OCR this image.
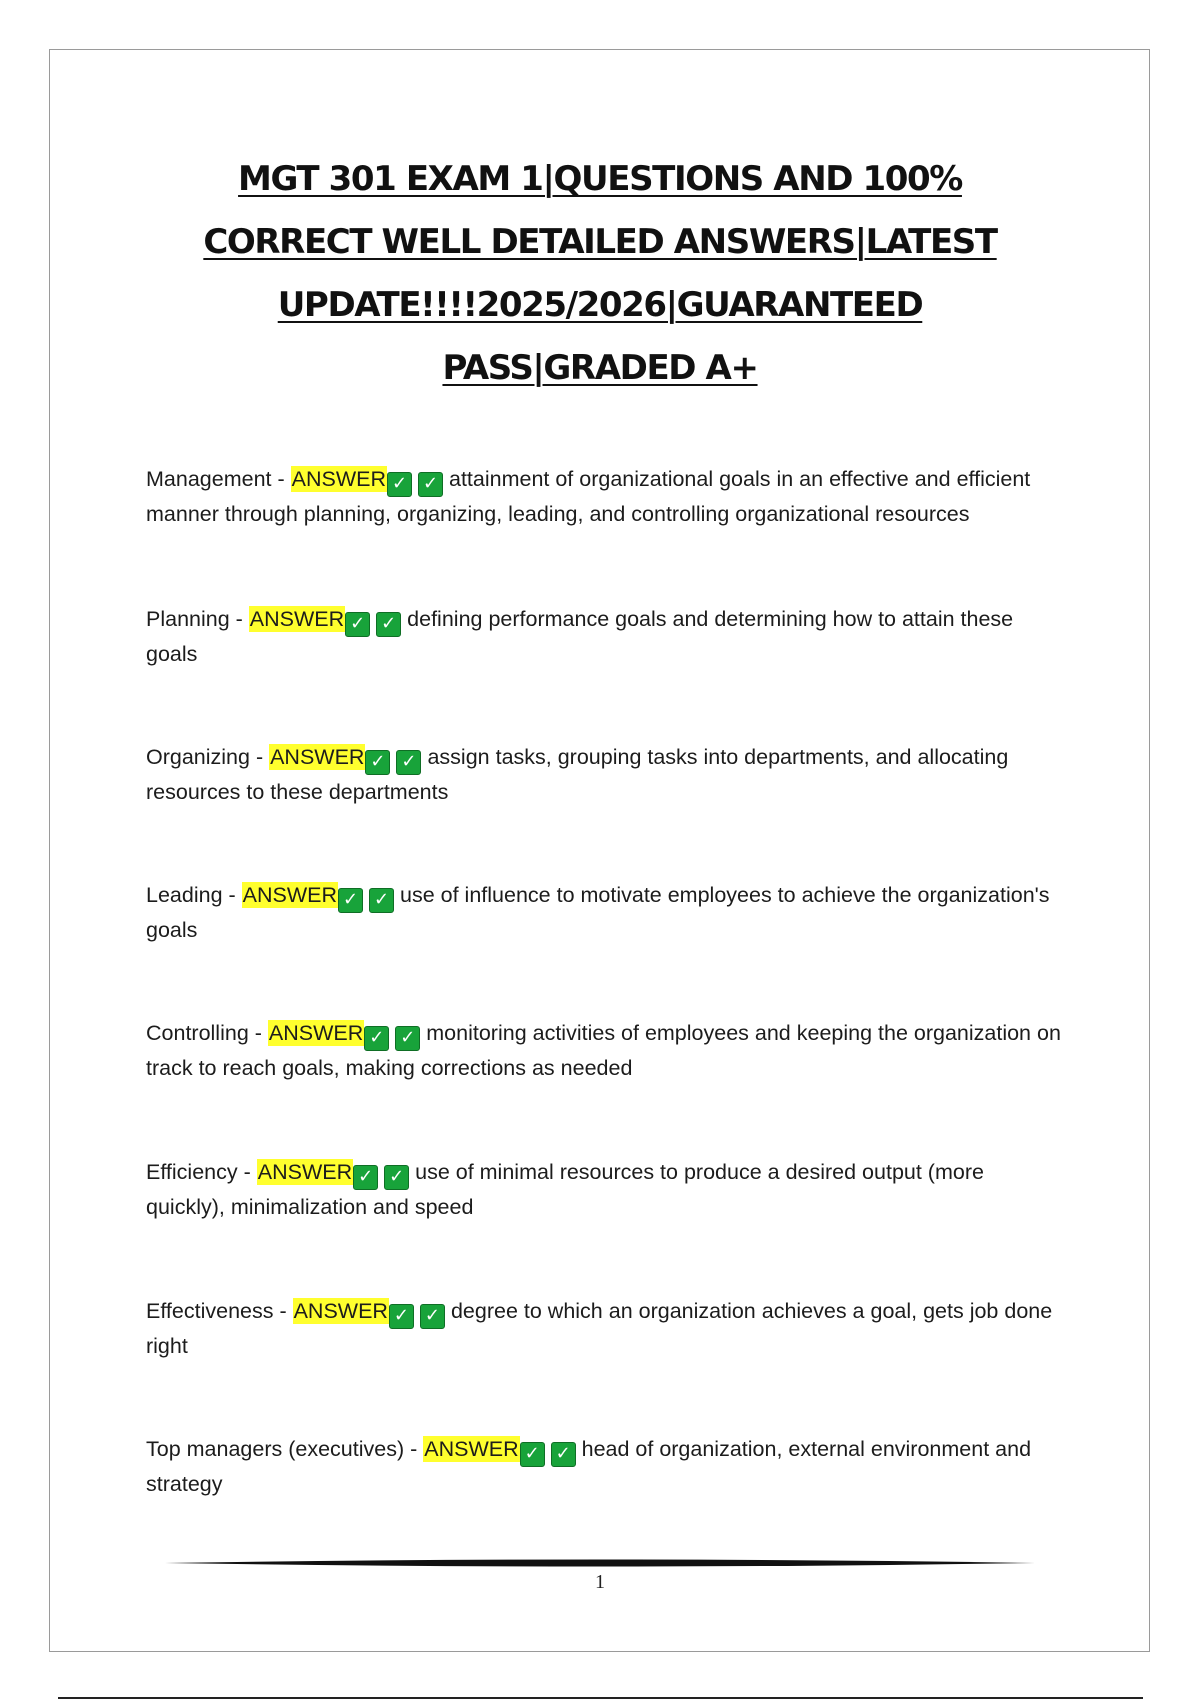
MGT 301 EXAM 1|QUESTIONS AND 100% CORRECT WELL DETAILED ANSWERS|LATEST UPDATE!!!!2025/2026|GUARANTEED PASS|GRADED A+
Management - ANSWER ✓ ✓ attainment of organizational goals in an effective and efficient manner through planning, organizing, leading, and controlling organizational resources
Planning - ANSWER ✓ ✓ defining performance goals and determining how to attain these goals
Organizing - ANSWER ✓ ✓ assign tasks, grouping tasks into departments, and allocating resources to these departments
Leading - ANSWER ✓ ✓ use of influence to motivate employees to achieve the organization's goals
Controlling - ANSWER ✓ ✓ monitoring activities of employees and keeping the organization on track to reach goals, making corrections as needed
Efficiency - ANSWER ✓ ✓ use of minimal resources to produce a desired output (more quickly), minimalization and speed
Effectiveness - ANSWER ✓ ✓ degree to which an organization achieves a goal, gets job done right
Top managers (executives) - ANSWER ✓ ✓ head of organization, external environment and strategy
1
